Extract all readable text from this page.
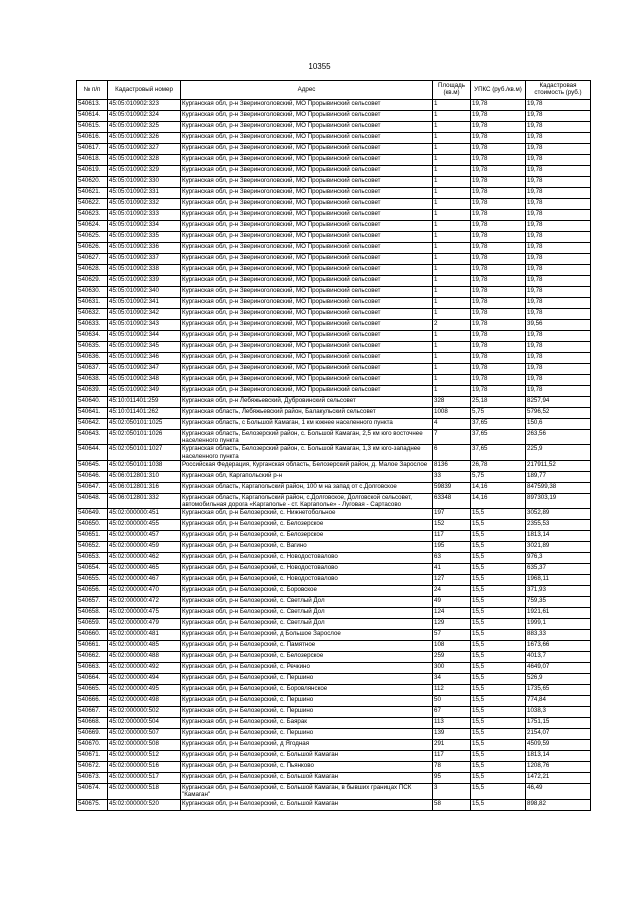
10355
№ п/п	Кадастровый номер	Адрес	Площадь (кв.м)	УПКС (руб./кв.м)	Кадастровая стоимость (руб.)
540613.	45:05:010902:323	Курганская обл, р-н Звериноголовский, МО Прорывинский сельсовет	1	19,78	19,78
540614.	45:05:010902:324	Курганская обл, р-н Звериноголовский, МО Прорывинский сельсовет	1	19,78	19,78
540615.	45:05:010902:325	Курганская обл, р-н Звериноголовский, МО Прорывинский сельсовет	1	19,78	19,78
540616.	45:05:010902:326	Курганская обл, р-н Звериноголовский, МО Прорывинский сельсовет	1	19,78	19,78
540617.	45:05:010902:327	Курганская обл, р-н Звериноголовский, МО Прорывинский сельсовет	1	19,78	19,78
540618.	45:05:010902:328	Курганская обл, р-н Звериноголовский, МО Прорывинский сельсовет	1	19,78	19,78
540619.	45:05:010902:329	Курганская обл, р-н Звериноголовский, МО Прорывинский сельсовет	1	19,78	19,78
540620.	45:05:010902:330	Курганская обл, р-н Звериноголовский, МО Прорывинский сельсовет	1	19,78	19,78
540621.	45:05:010902:331	Курганская обл, р-н Звериноголовский, МО Прорывинский сельсовет	1	19,78	19,78
540622.	45:05:010902:332	Курганская обл, р-н Звериноголовский, МО Прорывинский сельсовет	1	19,78	19,78
540623.	45:05:010902:333	Курганская обл, р-н Звериноголовский, МО Прорывинский сельсовет	1	19,78	19,78
540624.	45:05:010902:334	Курганская обл, р-н Звериноголовский, МО Прорывинский сельсовет	1	19,78	19,78
540625.	45:05:010902:335	Курганская обл, р-н Звериноголовский, МО Прорывинский сельсовет	1	19,78	19,78
540626.	45:05:010902:336	Курганская обл, р-н Звериноголовский, МО Прорывинский сельсовет	1	19,78	19,78
540627.	45:05:010902:337	Курганская обл, р-н Звериноголовский, МО Прорывинский сельсовет	1	19,78	19,78
540628.	45:05:010902:338	Курганская обл, р-н Звериноголовский, МО Прорывинский сельсовет	1	19,78	19,78
540629.	45:05:010902:339	Курганская обл, р-н Звериноголовский, МО Прорывинский сельсовет	1	19,78	19,78
540630.	45:05:010902:340	Курганская обл, р-н Звериноголовский, МО Прорывинский сельсовет	1	19,78	19,78
540631.	45:05:010902:341	Курганская обл, р-н Звериноголовский, МО Прорывинский сельсовет	1	19,78	19,78
540632.	45:05:010902:342	Курганская обл, р-н Звериноголовский, МО Прорывинский сельсовет	1	19,78	19,78
540633.	45:05:010902:343	Курганская обл, р-н Звериноголовский, МО Прорывинский сельсовет	2	19,78	39,56
540634.	45:05:010902:344	Курганская обл, р-н Звериноголовский, МО Прорывинский сельсовет	1	19,78	19,78
540635.	45:05:010902:345	Курганская обл, р-н Звериноголовский, МО Прорывинский сельсовет	1	19,78	19,78
540636.	45:05:010902:346	Курганская обл, р-н Звериноголовский, МО Прорывинский сельсовет	1	19,78	19,78
540637.	45:05:010902:347	Курганская обл, р-н Звериноголовский, МО Прорывинский сельсовет	1	19,78	19,78
540638.	45:05:010902:348	Курганская обл, р-н Звериноголовский, МО Прорывинский сельсовет	1	19,78	19,78
540639.	45:05:010902:349	Курганская обл, р-н Звериноголовский, МО Прорывинский сельсовет	1	19,78	19,78
540640.	45:10:011401:259	Курганская обл, р-н Лебяжьевский, Дубровинский сельсовет	328	25,18	8257,94
540641.	45:10:011401:262	Курганская область, Лебяжьевский район, Балакульский сельсовет	1008	5,75	5796,52
540642.	45:02:050101:1025	Курганская область, с Большой Камаган, 1 км южнее населенного пункта	4	37,65	150,6
540643.	45:02:050101:1026	Курганская область, Белозерский район, с. Большой Камаган, 2,5 км юго восточнее населенного пункта	7	37,65	263,56
540644.	45:02:050101:1027	Курганская область, Белозерский район, с. Большой Камаган, 1,3 км юго-западнее населенного пункта	6	37,65	225,9
540645.	45:02:050101:1038	Российская Федерация, Курганская область, Белозерский район, д. Малое Зарослое	8136	26,78	217911,52
540646.	45:06:012801:310	Курганская обл, Каргапольский р-н	33	5,75	189,77
540647.	45:06:012801:316	Курганская область, Каргапольский район, 100 м на запад от с.Долговское	59839	14,16	847599,38
540648.	45:06:012801:332	Курганская область, Каргапольский район, с.Долговское, Долговской сельсовет, автомобильная дорога «Каргаполье - ст. Каргаполье» - Луговая - Сартасово	63348	14,16	897303,19
540649.	45:02:000000:451	Курганская обл, р-н Белозерский, с. Нижнетобольное	197	15,5	3052,89
540650.	45:02:000000:455	Курганская обл, р-н Белозерский, с. Белозерское	152	15,5	2355,53
540651.	45:02:000000:457	Курганская обл, р-н Белозерский, с. Белозерское	117	15,5	1813,14
540652.	45:02:000000:459	Курганская обл, р-н Белозерский, с. Вагино	195	15,5	3021,89
540653.	45:02:000000:462	Курганская обл, р-н Белозерский, с. Новодостовалово	63	15,5	976,3
540654.	45:02:000000:465	Курганская обл, р-н Белозерский, с. Новодостовалово	41	15,5	635,37
540655.	45:02:000000:467	Курганская обл, р-н Белозерский, с. Новодостовалово	127	15,5	1968,11
540656.	45:02:000000:470	Курганская обл, р-н Белозерский, с. Боровское	24	15,5	371,93
540657.	45:02:000000:472	Курганская обл, р-н Белозерский, с. Светлый Дол	49	15,5	759,35
540658.	45:02:000000:475	Курганская обл, р-н Белозерский, с. Светлый Дол	124	15,5	1921,61
540659.	45:02:000000:479	Курганская обл, р-н Белозерский, с. Светлый Дол	129	15,5	1999,1
540660.	45:02:000000:481	Курганская обл, р-н Белозерский, д Большое Зарослое	57	15,5	883,33
540661.	45:02:000000:485	Курганская обл, р-н Белозерский, с. Памятное	108	15,5	1673,66
540662.	45:02:000000:488	Курганская обл, р-н Белозерский, с. Белозерское	259	15,5	4013,7
540663.	45:02:000000:492	Курганская обл, р-н Белозерский, с. Речкино	300	15,5	4649,07
540664.	45:02:000000:494	Курганская обл, р-н Белозерский, с. Першино	34	15,5	526,9
540665.	45:02:000000:495	Курганская обл, р-н Белозерский, с. Боровлянское	112	15,5	1735,65
540666.	45:02:000000:498	Курганская обл, р-н Белозерский, с. Першино	50	15,5	774,84
540667.	45:02:000000:502	Курганская обл, р-н Белозерский, с. Першино	67	15,5	1038,3
540668.	45:02:000000:504	Курганская обл, р-н Белозерский, с. Баярак	113	15,5	1751,15
540669.	45:02:000000:507	Курганская обл, р-н Белозерский, с. Першино	139	15,5	2154,07
540670.	45:02:000000:508	Курганская обл, р-н Белозерский, д Ягодная	291	15,5	4509,59
540671.	45:02:000000:512	Курганская обл, р-н Белозерский, с. Большой Камаган	117	15,5	1813,14
540672.	45:02:000000:516	Курганская обл, р-н Белозерский, с. Пьянково	78	15,5	1208,76
540673.	45:02:000000:517	Курганская обл, р-н Белозерский, с. Большой Камаган	95	15,5	1472,21
540674.	45:02:000000:518	Курганская обл, р-н Белозерский, с. Большой Камаган, в бывших границах ПСК "Камаган"	3	15,5	46,49
540675.	45:02:000000:520	Курганская обл, р-н Белозерский, с. Большой Камаган	58	15,5	898,82
